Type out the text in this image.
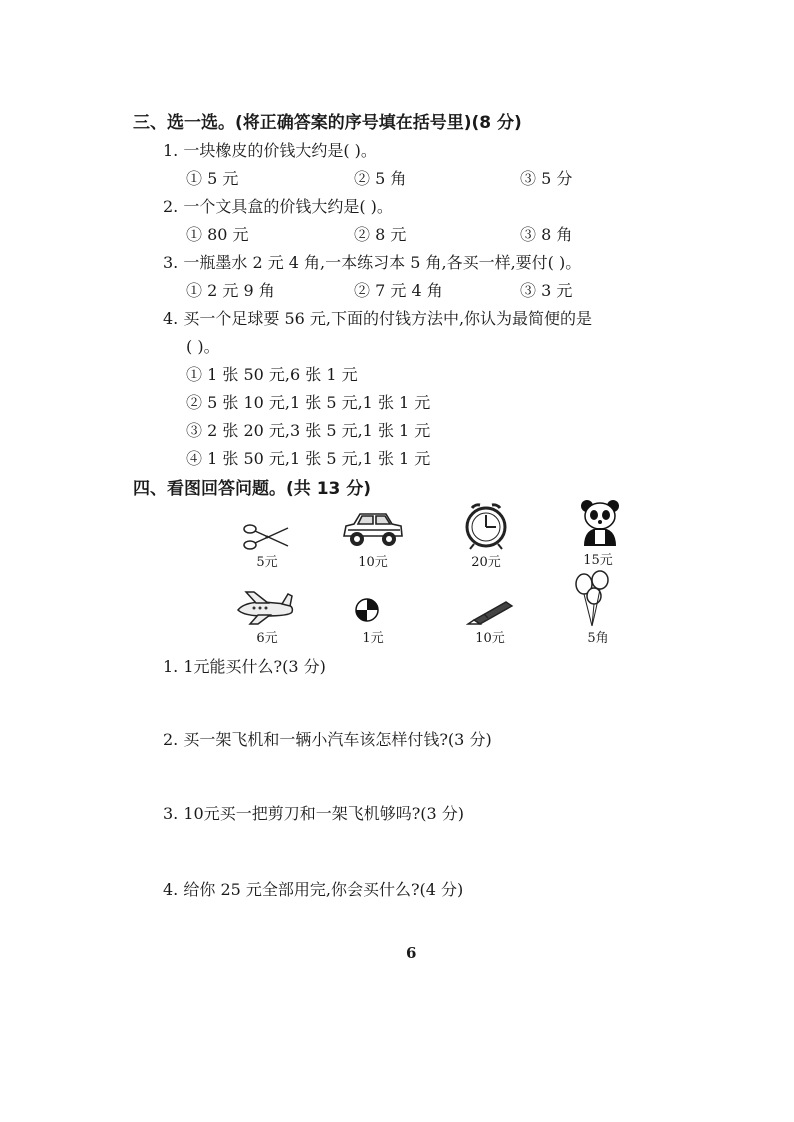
三、选一选。(将正确答案的序号填在括号里)(8 分)
1. 一块橡皮的价钱大约是( )。
① 5 元	② 5 角	③ 5 分
2. 一个文具盒的价钱大约是( )。
① 80 元	② 8 元	③ 8 角
3. 一瓶墨水 2 元 4 角,一本练习本 5 角,各买一样,要付( )。
① 2 元 9 角	② 7 元 4 角	③ 3 元
4. 买一个足球要 56 元,下面的付钱方法中,你认为最简便的是
( )。
① 1 张 50 元,6 张 1 元
② 5 张 10 元,1 张 5 元,1 张 1 元
③ 2 张 20 元,3 张 5 元,1 张 1 元
④ 1 张 50 元,1 张 5 元,1 张 1 元
四、看图回答问题。(共 13 分)
5元	10元	20元	15元
6元	1元	10元	5角
1. 1元能买什么?(3 分)
2. 买一架飞机和一辆小汽车该怎样付钱?(3 分)
3. 10元买一把剪刀和一架飞机够吗?(3 分)
4. 给你 25 元全部用完,你会买什么?(4 分)
6
